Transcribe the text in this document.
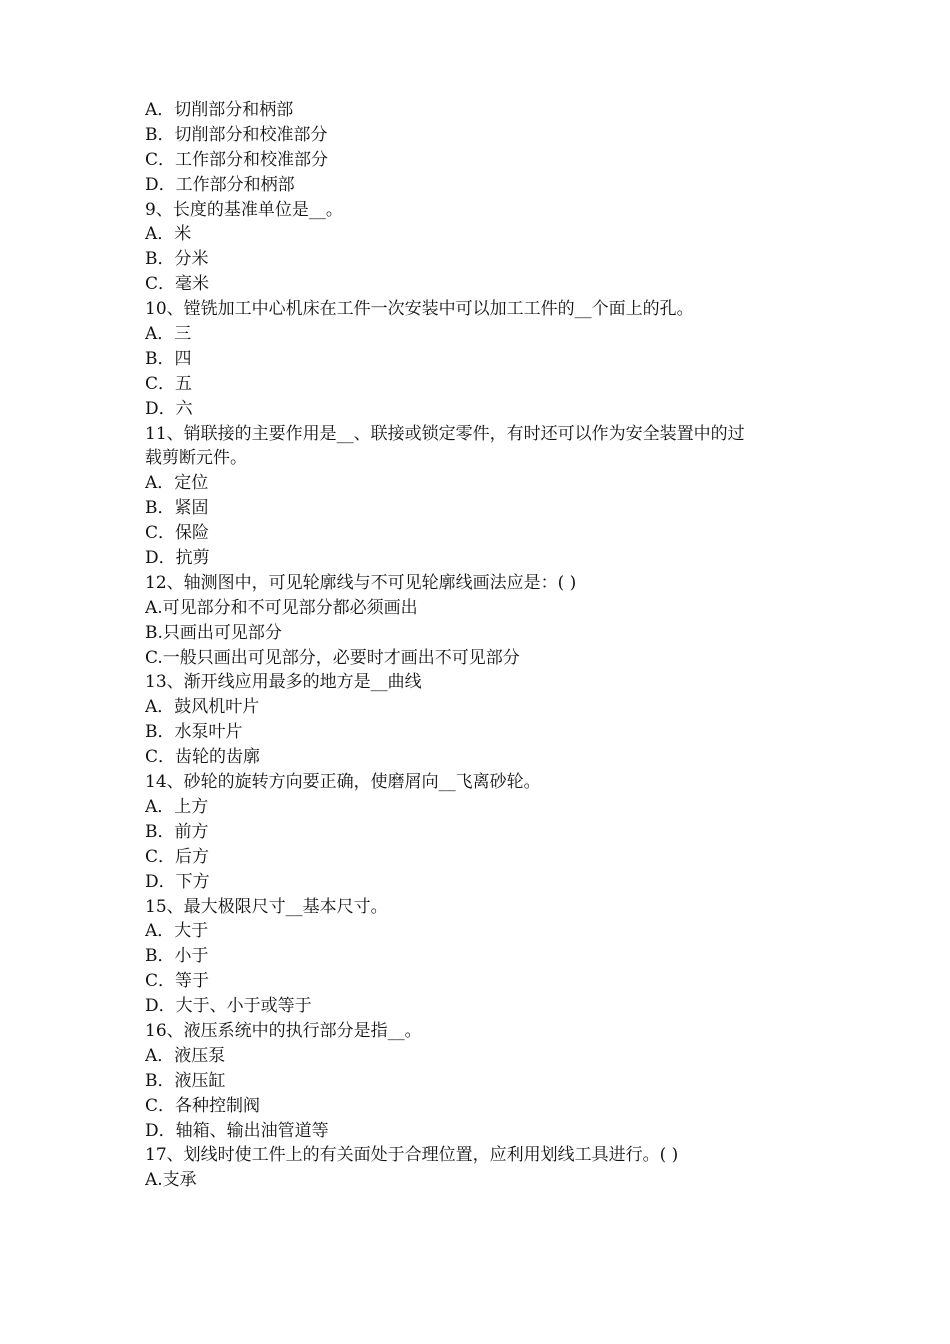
A．切削部分和柄部
B．切削部分和校准部分
C．工作部分和校准部分
D．工作部分和柄部
9、长度的基准单位是__。
A．米
B．分米
C．毫米
10、镗铣加工中心机床在工件一次安装中可以加工工件的__个面上的孔。
A．三
B．四
C．五
D．六
11、销联接的主要作用是__、联接或锁定零件，有时还可以作为安全装置中的过
载剪断元件。
A．定位
B．紧固
C．保险
D．抗剪
12、轴测图中，可见轮廓线与不可见轮廓线画法应是：( )
A.可见部分和不可见部分都必须画出
B.只画出可见部分
C.一般只画出可见部分，必要时才画出不可见部分
13、渐开线应用最多的地方是__曲线
A．鼓风机叶片
B．水泵叶片
C．齿轮的齿廓
14、砂轮的旋转方向要正确，使磨屑向__飞离砂轮。
A．上方
B．前方
C．后方
D．下方
15、最大极限尺寸__基本尺寸。
A．大于
B．小于
C．等于
D．大于、小于或等于
16、液压系统中的执行部分是指__。
A．液压泵
B．液压缸
C．各种控制阀
D．轴箱、输出油管道等
17、划线时使工件上的有关面处于合理位置，应利用划线工具进行。( )
A.支承
